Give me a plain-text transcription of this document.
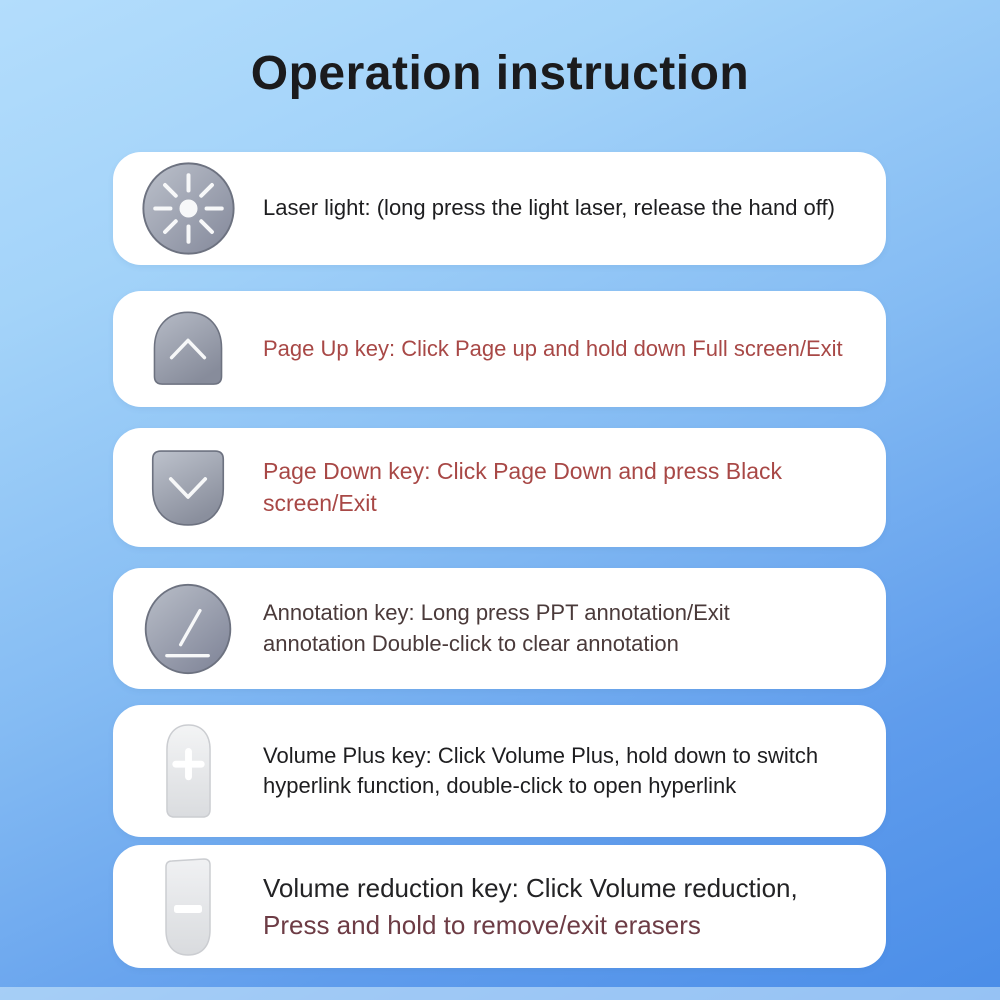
Operation instruction
Laser light: (long press the light laser, release the hand off)
Page Up key: Click Page up and hold down Full screen/Exit
Page Down key: Click Page Down and press Black screen/Exit
Annotation key: Long press PPT annotation/Exit
annotation Double-click to clear annotation
Volume Plus key: Click Volume Plus, hold down to switch
hyperlink function, double-click to open hyperlink
Volume reduction key: Click Volume reduction,
Press and hold to remove/exit erasers
